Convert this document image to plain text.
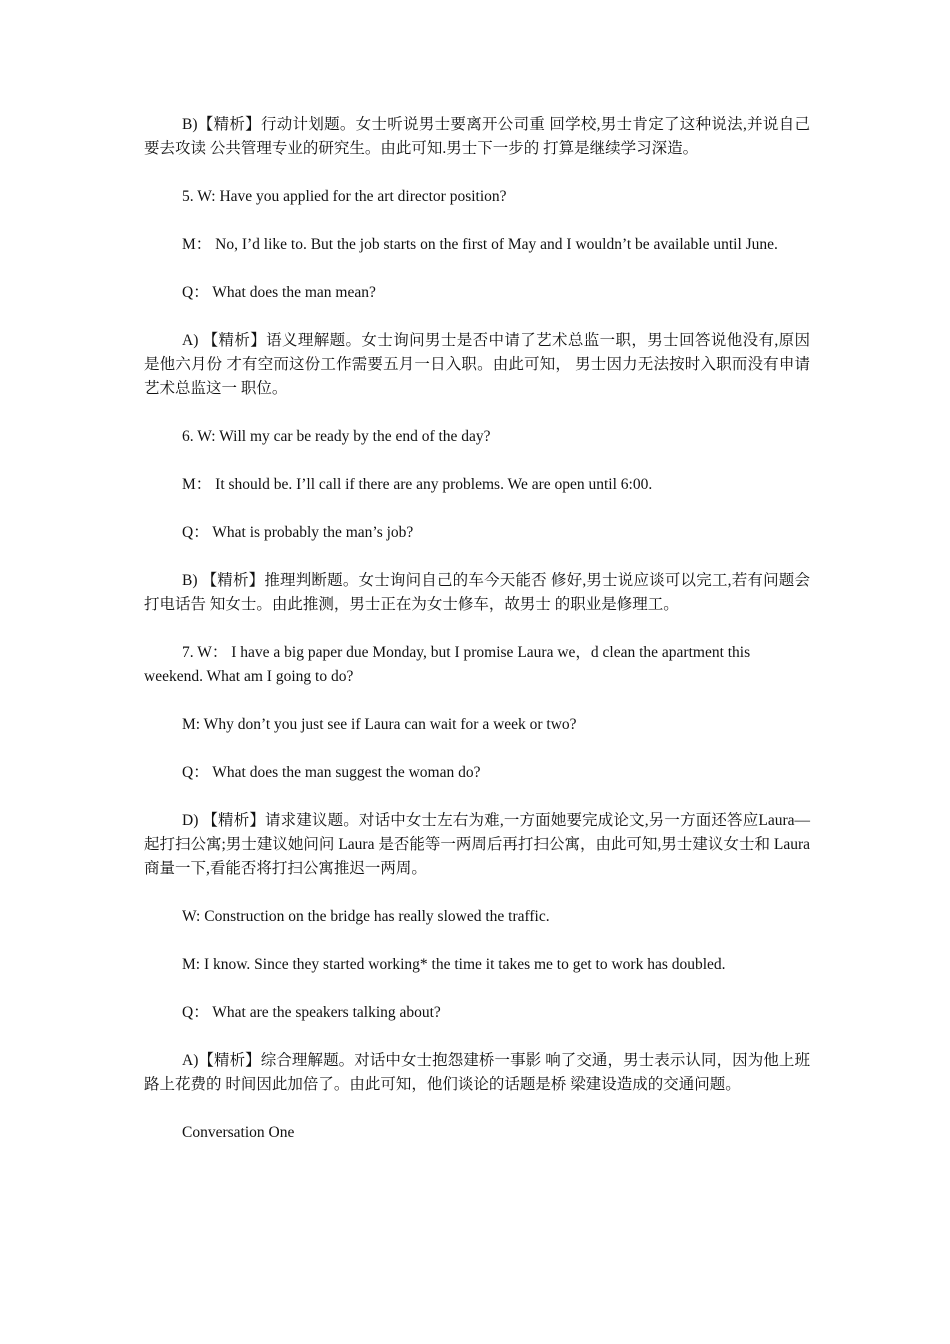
B)【精析】行动计划题。女士听说男士要离开公司重 回学校,男士肯定了这种说法,并说自己要去攻读 公共管理专业的研究生。由此可知.男士下一步的 打算是继续学习深造。

5. W: Have you applied for the art director position?

M： No, I’d like to. But the job starts on the first of May and I wouldn’t be available until June.

Q： What does the man mean?

A) 【精析】语义理解题。女士询问男士是否中请了艺术总监一职，男士回答说他没有,原因是他六月份 才有空而这份工作需要五月一日入职。由此可知， 男士因力无法按时入职而没有申请艺术总监这一 职位。

6. W: Will my car be ready by the end of the day?

M： It should be. I’ll call if there are any problems. We are open until 6:00.

Q： What is probably the man’s job?

B) 【精析】推理判断题。女士询问自己的车今天能否 修好,男士说应谈可以完工,若有问题会打电话告 知女士。由此推测，男士正在为女士修车，故男士 的职业是修理工。

7. W： I have a big paper due Monday, but I promise Laura we，d clean the apartment this weekend. What am I going to do?

M: Why don’t you just see if Laura can wait for a week or two?

Q： What does the man suggest the woman do?

D) 【精析】请求建议题。对话中女士左右为难,一方面她要完成论文,另一方面还答应Laura—起打扫公寓;男士建议她问问 Laura 是否能等一两周后再打扫公寓，由此可知,男士建议女士和 Laura 商量一下,看能否将打扫公寓推迟一两周。

W: Construction on the bridge has really slowed the traffic.

M: I know. Since they started working* the time it takes me to get to work has doubled.

Q： What are the speakers talking about?

A)【精析】综合理解题。对话中女士抱怨建桥一事影 响了交通，男士表示认同，因为他上班路上花费的 时间因此加倍了。由此可知，他们谈论的话题是桥 梁建设造成的交通问题。

Conversation One
